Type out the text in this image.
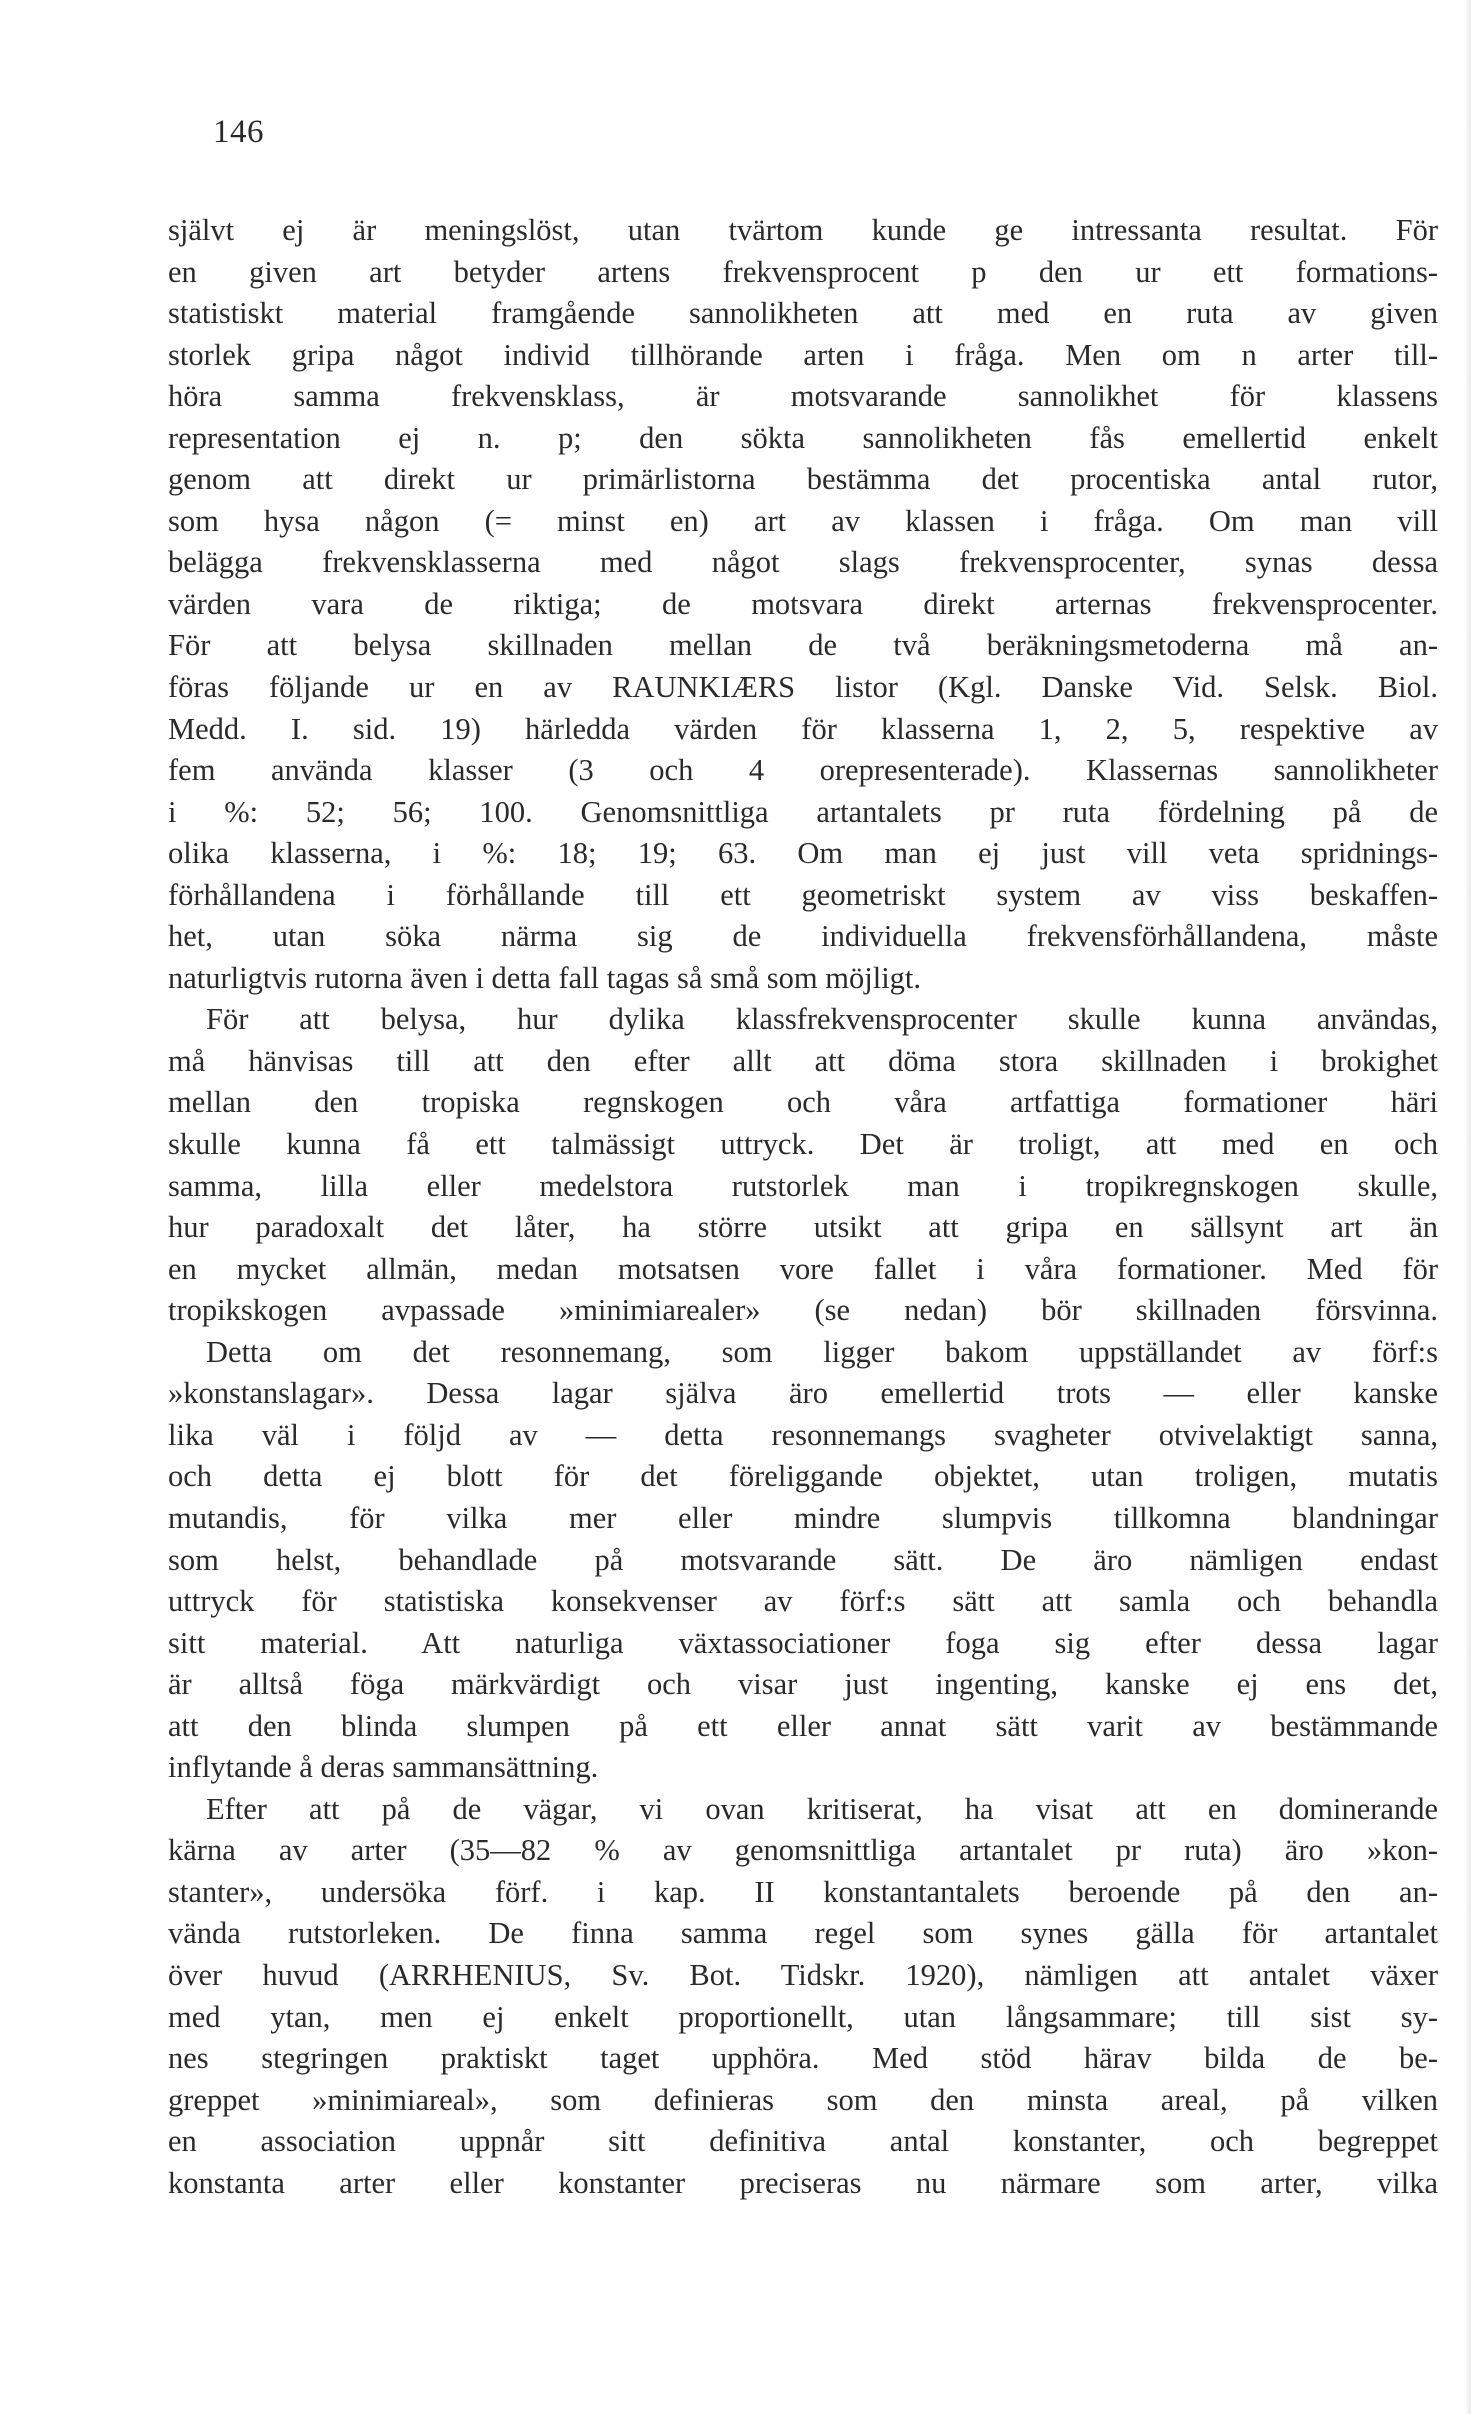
146
självt ej är meningslöst, utan tvärtom kunde ge intressanta resultat. För
en given art betyder artens frekvensprocent p den ur ett formations-
statistiskt material framgående sannolikheten att med en ruta av given
storlek gripa något individ tillhörande arten i fråga. Men om n arter till-
höra samma frekvensklass, är motsvarande sannolikhet för klassens
representation ej n. p; den sökta sannolikheten fås emellertid enkelt
genom att direkt ur primärlistorna bestämma det procentiska antal rutor,
som hysa någon (= minst en) art av klassen i fråga. Om man vill
belägga frekvensklasserna med något slags frekvensprocenter, synas dessa
värden vara de riktiga; de motsvara direkt arternas frekvensprocenter.
För att belysa skillnaden mellan de två beräkningsmetoderna må an-
föras följande ur en av RAUNKIÆRS listor (Kgl. Danske Vid. Selsk. Biol.
Medd. I. sid. 19) härledda värden för klasserna 1, 2, 5, respektive av
fem använda klasser (3 och 4 orepresenterade). Klassernas sannolikheter
i %: 52; 56; 100. Genomsnittliga artantalets pr ruta fördelning på de
olika klasserna, i %: 18; 19; 63. Om man ej just vill veta spridnings-
förhållandena i förhållande till ett geometriskt system av viss beskaffen-
het, utan söka närma sig de individuella frekvensförhållandena, måste
naturligtvis rutorna även i detta fall tagas så små som möjligt.
För att belysa, hur dylika klassfrekvensprocenter skulle kunna användas,
må hänvisas till att den efter allt att döma stora skillnaden i brokighet
mellan den tropiska regnskogen och våra artfattiga formationer häri
skulle kunna få ett talmässigt uttryck. Det är troligt, att med en och
samma, lilla eller medelstora rutstorlek man i tropikregnskogen skulle,
hur paradoxalt det låter, ha större utsikt att gripa en sällsynt art än
en mycket allmän, medan motsatsen vore fallet i våra formationer. Med för
tropikskogen avpassade »minimiarealer» (se nedan) bör skillnaden försvinna.
Detta om det resonnemang, som ligger bakom uppställandet av förf:s
»konstanslagar». Dessa lagar själva äro emellertid trots — eller kanske
lika väl i följd av — detta resonnemangs svagheter otvivelaktigt sanna,
och detta ej blott för det föreliggande objektet, utan troligen, mutatis
mutandis, för vilka mer eller mindre slumpvis tillkomna blandningar
som helst, behandlade på motsvarande sätt. De äro nämligen endast
uttryck för statistiska konsekvenser av förf:s sätt att samla och behandla
sitt material. Att naturliga växtassociationer foga sig efter dessa lagar
är alltså föga märkvärdigt och visar just ingenting, kanske ej ens det,
att den blinda slumpen på ett eller annat sätt varit av bestämmande
inflytande å deras sammansättning.
Efter att på de vägar, vi ovan kritiserat, ha visat att en dominerande
kärna av arter (35—82 % av genomsnittliga artantalet pr ruta) äro »kon-
stanter», undersöka förf. i kap. II konstantantalets beroende på den an-
vända rutstorleken. De finna samma regel som synes gälla för artantalet
över huvud (ARRHENIUS, Sv. Bot. Tidskr. 1920), nämligen att antalet växer
med ytan, men ej enkelt proportionellt, utan långsammare; till sist sy-
nes stegringen praktiskt taget upphöra. Med stöd härav bilda de be-
greppet »minimiareal», som definieras som den minsta areal, på vilken
en association uppnår sitt definitiva antal konstanter, och begreppet
konstanta arter eller konstanter preciseras nu närmare som arter, vilka
